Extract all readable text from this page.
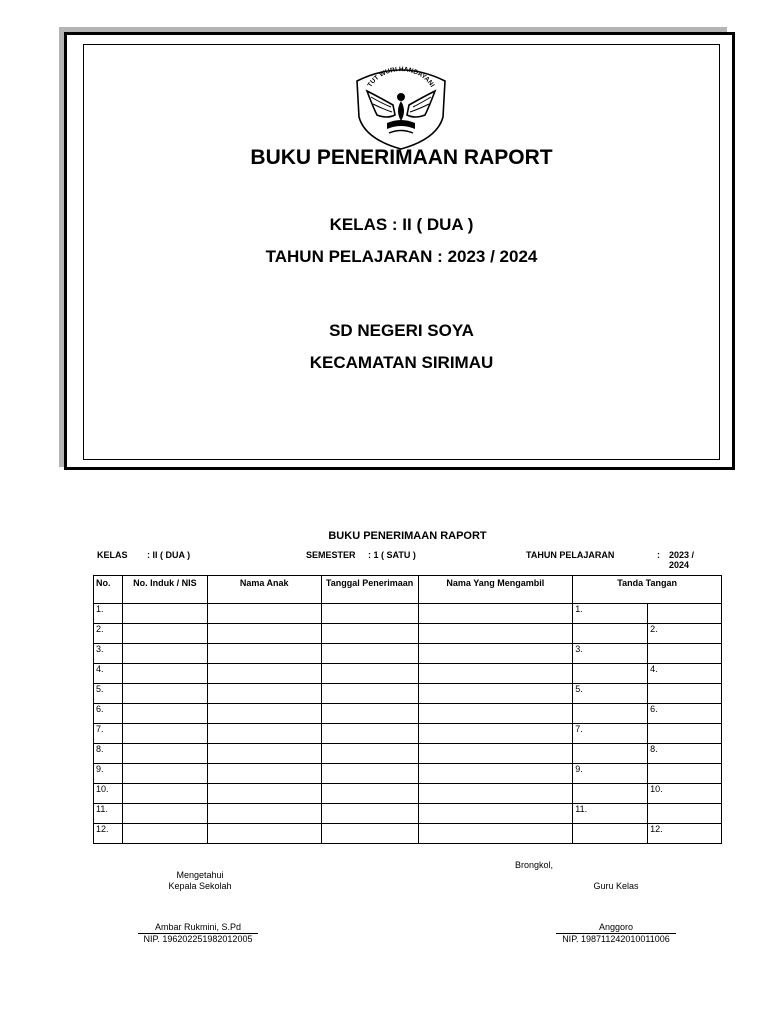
TUT WURI HANDAYANI
BUKU PENERIMAAN RAPORT
KELAS : II ( DUA )
TAHUN PELAJARAN : 2023 / 2024
SD NEGERI SOYA
KECAMATAN SIRIMAU
BUKU PENERIMAAN RAPORT
KELAS : II ( DUA )	SEMESTER : 1 ( SATU )	TAHUN PELAJARAN	: 2023 /
2024
No.	No. Induk / NIS	Nama Anak	Tanggal Penerimaan	Nama Yang Mengambil	Tanda Tangan	
1.					1.	
2.						2.
3.					3.	
4.						4.
5.					5.	
6.						6.
7.					7.	
8.						8.
9.					9.	
10.						10.
11.					11.	
12.						12.
Brongkol,
Mengetahui
Kepala Sekolah	Guru Kelas
Ambar Rukmini, S.Pd
NIP. 196202251982012005
Anggoro
NIP. 198711242010011006
